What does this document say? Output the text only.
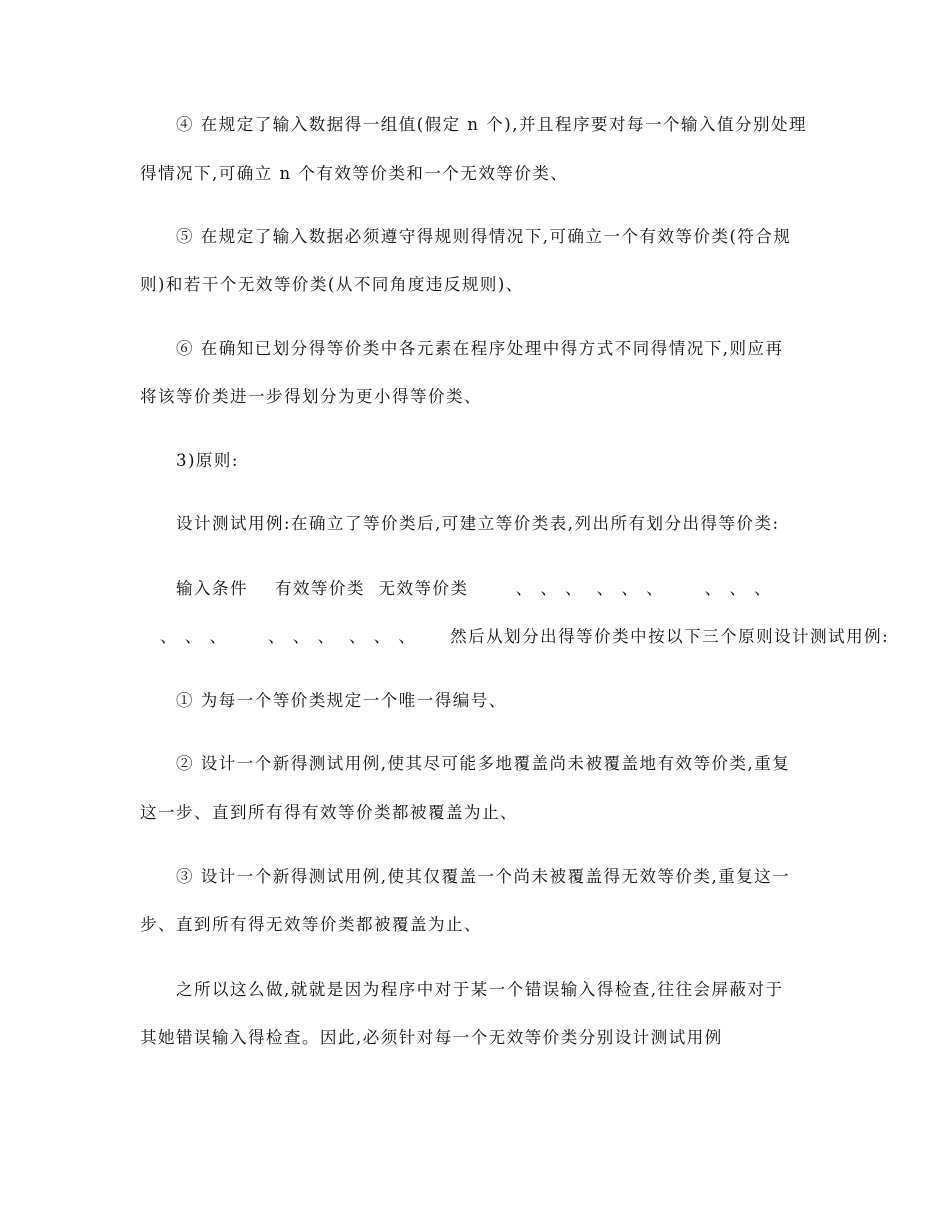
④ 在规定了输入数据得一组值(假定 n 个),并且程序要对每一个输入值分别处理
得情况下,可确立 n 个有效等价类和一个无效等价类、
⑤ 在规定了输入数据必须遵守得规则得情况下,可确立一个有效等价类(符合规
则)和若干个无效等价类(从不同角度违反规则)、
⑥ 在确知已划分得等价类中各元素在程序处理中得方式不同得情况下,则应再
将该等价类进一步得划分为更小得等价类、
3)原则:
设计测试用例:在确立了等价类后,可建立等价类表,列出所有划分出得等价类:
输入条件    有效等价类  无效等价类       、 、 、  、 、 、      、 、 、
、 、 、      、 、 、  、 、 、     然后从划分出得等价类中按以下三个原则设计测试用例:
① 为每一个等价类规定一个唯一得编号、
② 设计一个新得测试用例,使其尽可能多地覆盖尚未被覆盖地有效等价类,重复
这一步、直到所有得有效等价类都被覆盖为止、
③ 设计一个新得测试用例,使其仅覆盖一个尚未被覆盖得无效等价类,重复这一
步、直到所有得无效等价类都被覆盖为止、
之所以这么做,就就是因为程序中对于某一个错误输入得检查,往往会屏蔽对于
其她错误输入得检查。因此,必须针对每一个无效等价类分别设计测试用例
